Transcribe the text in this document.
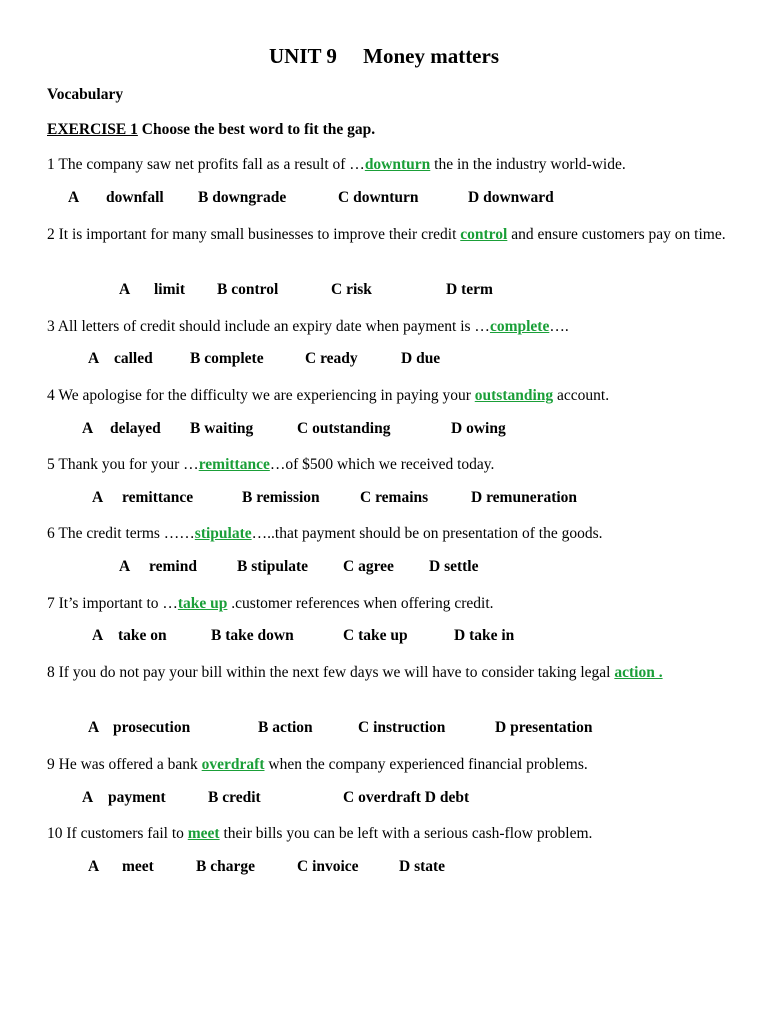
UNIT 9     Money matters
Vocabulary
EXERCISE 1 Choose the best word to fit the gap.
1 The company saw net profits fall as a result of …downturn the in the industry world-wide.
A downfall B downgrade	C downturn	D downward
2 It is important for many small businesses to improve their credit control and ensure customers pay on time.
A limit B control	C risk	D term
3 All letters of credit should include an expiry date when payment is …complete….
A called B complete	C ready	D due
4 We apologise for the difficulty we are experiencing in paying your outstanding account.
A delayed B waiting	C outstanding	D owing
5 Thank you for your …remittance…of $500 which we received today.
A remittance	B remission	C remains	D remuneration
6 The credit terms ……stipulate…..that payment should be on presentation of the goods.
A remind	B stipulate C agree D settle
7 It’s important to …take up .customer references when offering credit.
A take on	B take down	C take up	D take in
8 If you do not pay your bill within the next few days we will have to consider taking legal action .
A prosecution	B action	C instruction	D presentation
9 He was offered a bank overdraft when the company experienced financial problems.
A payment	B credit	C overdraft D debt
10 If customers fail to meet their bills you can be left with a serious cash-flow problem.
A meet	B charge	C invoice	D state
